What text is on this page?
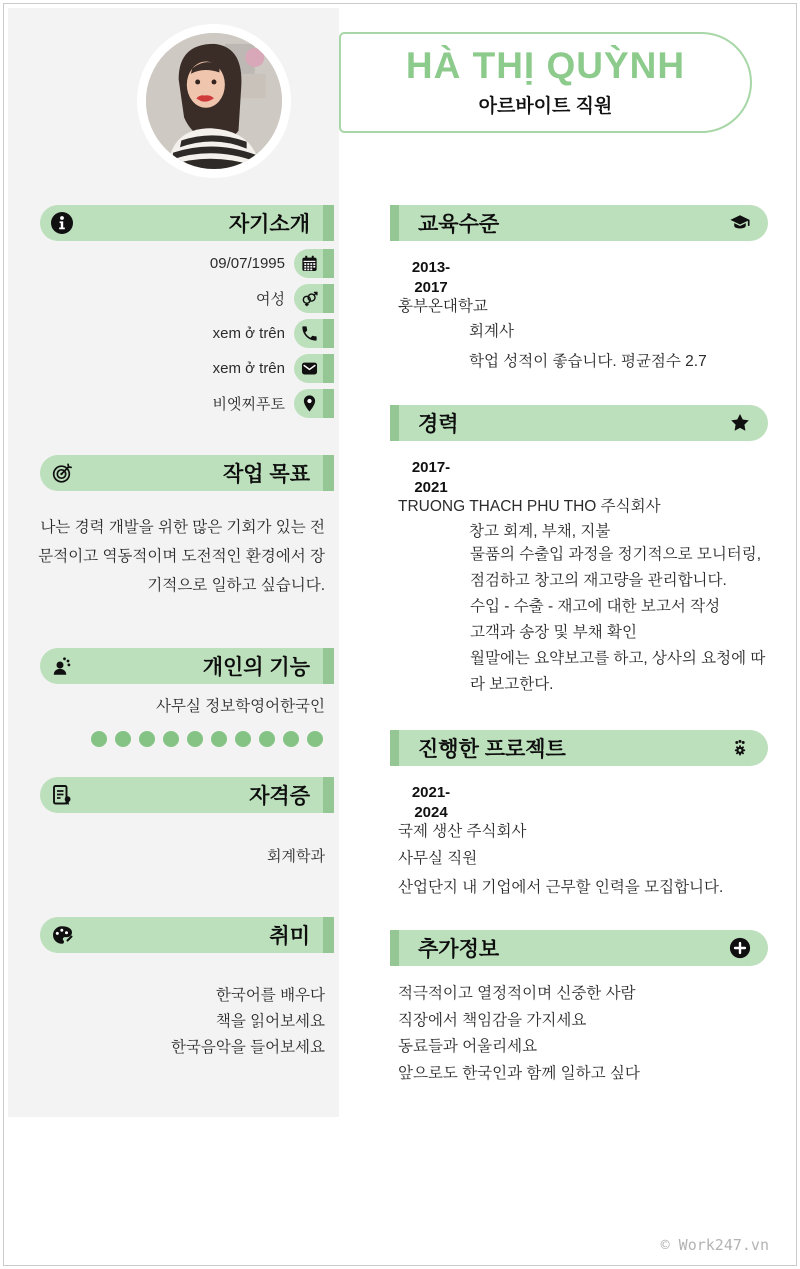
HÀ THỊ QUỲNH
아르바이트 직원
자기소개
09/07/1995
여성
xem ở trên
xem ở trên
비엣찌푸토
작업 목표
나는 경력 개발을 위한 많은 기회가 있는 전문적이고 역동적이며 도전적인 환경에서 장기적으로 일하고 싶습니다.
개인의 기능
사무실 정보학영어한국인
자격증
회계학과
취미
한국어를 배우다
책을 읽어보세요
한국음악을 들어보세요
교육수준
2013-
2017
훙부온대학교
회계사
학업 성적이 좋습니다. 평균점수 2.7
경력
2017-
2021
TRUONG THACH PHU THO 주식회사
창고 회계, 부채, 지불
물품의 수출입 과정을 정기적으로 모니터링, 점검하고 창고의 재고량을 관리합니다.
수입 - 수출 - 재고에 대한 보고서 작성
고객과 송장 및 부채 확인
월말에는 요약보고를 하고, 상사의 요청에 따라 보고한다.
진행한 프로젝트
2021-
2024
국제 생산 주식회사
사무실 직원
산업단지 내 기업에서 근무할 인력을 모집합니다.
추가정보
적극적이고 열정적이며 신중한 사람
직장에서 책임감을 가지세요
동료들과 어울리세요
앞으로도 한국인과 함께 일하고 싶다
© Work247.vn
